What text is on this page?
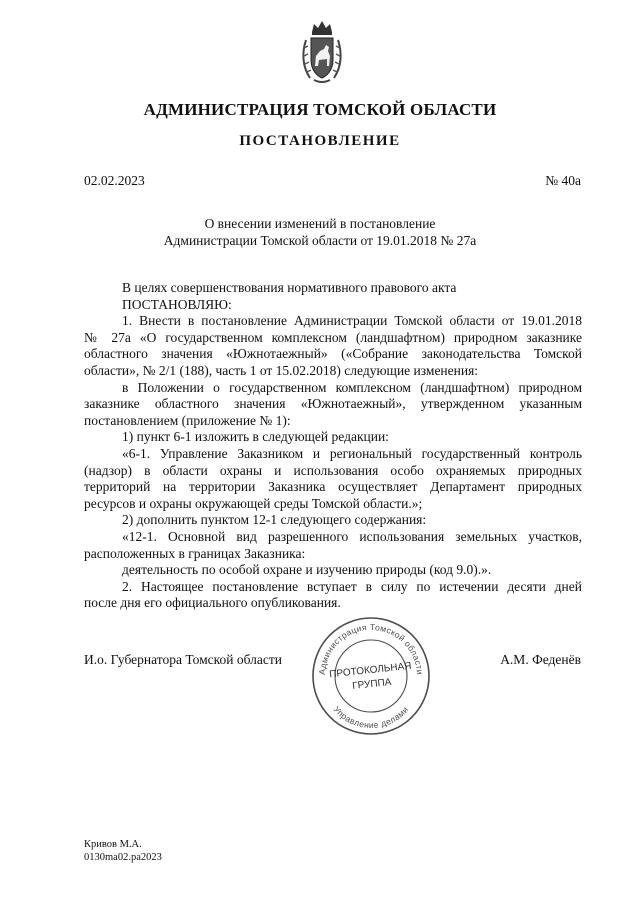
АДМИНИСТРАЦИЯ ТОМСКОЙ ОБЛАСТИ
ПОСТАНОВЛЕНИЕ
02.02.2023	№ 40а
О внесении изменений в постановление
Администрации Томской области от 19.01.2018 № 27а
В целях совершенствования нормативного правового акта
ПОСТАНОВЛЯЮ:
1. Внести в постановление Администрации Томской области от 19.01.2018
№ 27а «О государственном комплексном (ландшафтном) природном заказнике
областного значения «Южнотаежный» («Собрание законодательства Томской
области», № 2/1 (188), часть 1 от 15.02.2018) следующие изменения:
в Положении о государственном комплексном (ландшафтном) природном
заказнике областного значения «Южнотаежный», утвержденном указанным
постановлением (приложение № 1):
1) пункт 6-1 изложить в следующей редакции:
«6-1. Управление Заказником и региональный государственный контроль
(надзор) в области охраны и использования особо охраняемых природных
территорий на территории Заказника осуществляет Департамент природных
ресурсов и охраны окружающей среды Томской области.»;
2) дополнить пунктом 12-1 следующего содержания:
«12-1. Основной вид разрешенного использования земельных участков,
расположенных в границах Заказника:
деятельность по особой охране и изучению природы (код 9.0).».
2. Настоящее постановление вступает в силу по истечении десяти дней
после дня его официального опубликования.
И.о. Губернатора Томской области	А.М. Феденёв
Администрация Томской области
Управление делами
ПРОТОКОЛЬНАЯ
ГРУППА
Кривов М.А.
0130ma02.pa2023
